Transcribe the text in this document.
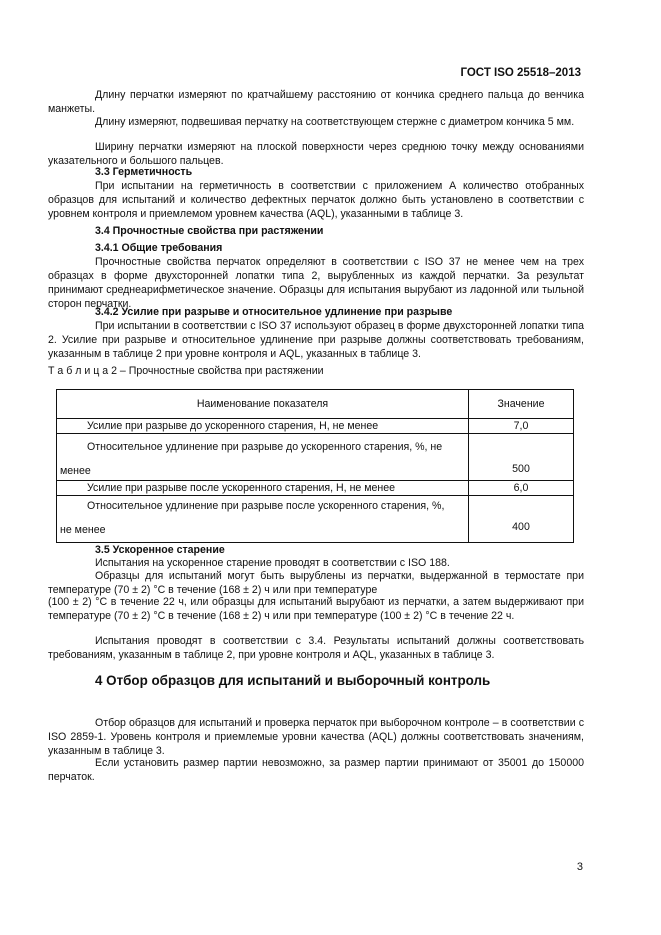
ГОСТ ISO 25518–2013
Длину перчатки измеряют по кратчайшему расстоянию от кончика среднего пальца до венчика манжеты.
Длину измеряют, подвешивая перчатку на соответствующем стержне с диаметром кончика 5 мм.
Ширину перчатки измеряют на плоской поверхности через среднюю точку между основаниями указательного и большого пальцев.
3.3 Герметичность
При испытании на герметичность в соответствии с приложением А количество отобранных образцов для испытаний и количество дефектных перчаток должно быть установлено в соответствии с уровнем контроля и приемлемом уровнем качества (AQL), указанными в таблице 3.
3.4 Прочностные свойства при растяжении
3.4.1 Общие требования
Прочностные свойства перчаток определяют в соответствии с ISO 37 не менее чем на трех образцах в форме двухсторонней лопатки типа 2, вырубленных из каждой перчатки. За результат принимают среднеарифметическое значение. Образцы для испытания вырубают из ладонной или тыльной сторон перчатки.
3.4.2 Усилие при разрыве и относительное удлинение при разрыве
При испытании в соответствии с ISO 37 используют образец в форме двухсторонней лопатки типа 2. Усилие при разрыве и относительное удлинение при разрыве должны соответствовать требованиям, указанным в таблице 2 при уровне контроля и AQL, указанных в таблице 3.
Т а б л и ц а 2 – Прочностные свойства при растяжении
Наименование показателя	Значение
Усилие при разрыве до ускоренного старения, Н, не менее	7,0

Относительное удлинение при разрыве до ускоренного старения, %, не
менее	500

Усилие при разрыве после ускоренного старения, Н, не менее	6,0

Относительное удлинение при разрыве после ускоренного старения, %,
не менее	400
3.5 Ускоренное старение
Испытания на ускоренное старение проводят в соответствии с ISO 188.
Образцы для испытаний могут быть вырублены из перчатки, выдержанной в термостате при температуре (70 ± 2) °C в течение (168 ± 2) ч или при температуре
(100 ± 2) °C в течение 22 ч, или образцы для испытаний вырубают из перчатки, а затем выдерживают при температуре (70 ± 2) °C в течение (168 ± 2) ч или при температуре (100 ± 2) °C в течение 22 ч.
Испытания проводят в соответствии с 3.4. Результаты испытаний должны соответствовать требованиям, указанным в таблице 2, при уровне контроля и AQL, указанных в таблице 3.
4 Отбор образцов для испытаний и выборочный контроль
Отбор образцов для испытаний и проверка перчаток при выборочном контроле – в соответствии с ISO 2859-1. Уровень контроля и приемлемые уровни качества (AQL) должны соответствовать значениям, указанным в таблице 3.
Если установить размер партии невозможно, за размер партии принимают от 35001 до 150000 перчаток.
3
